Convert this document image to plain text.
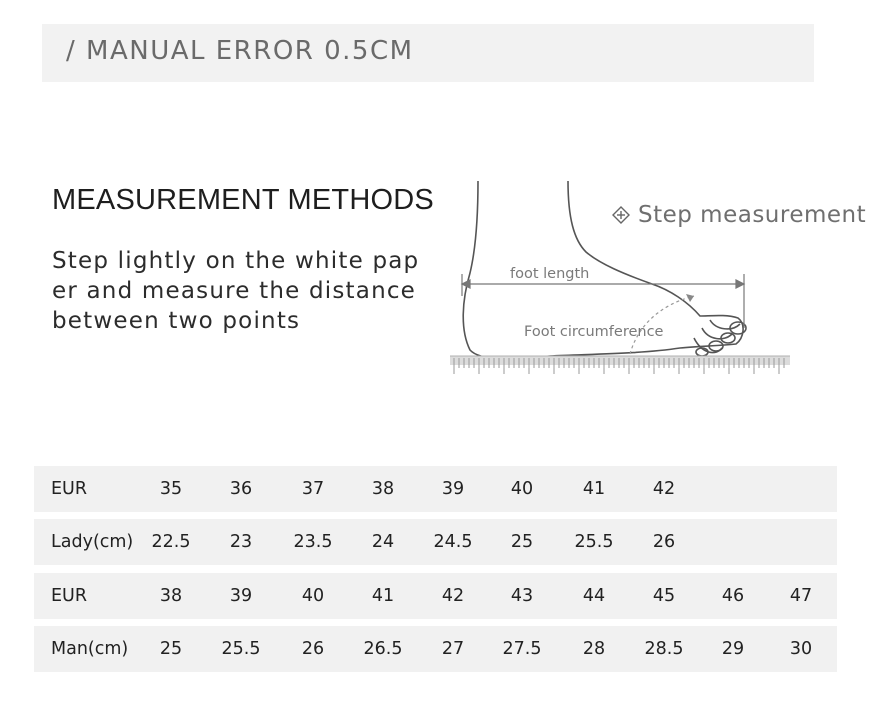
/ MANUAL ERROR 0.5CM
MEASUREMENT METHODS
Step lightly on the white pap
er and measure the distance
between two points
foot length
Foot circumference
Step measurement
EUR	35	36	37	38	39	40	41	42
Lady(cm) 22.5 23 23.5 24 24.5 25 25.5 26
EUR	38	39	40	41	42	43	44	45	46	47
Man(cm) 25 25.5 26 26.5 27 27.5 28 28.5 29	30
